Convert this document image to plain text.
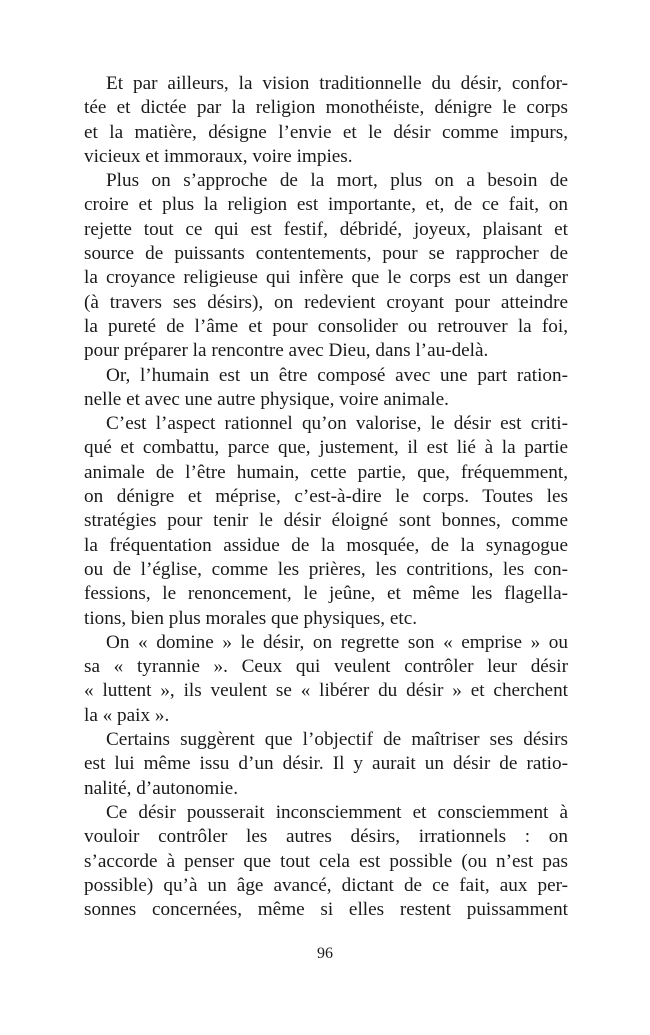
Et par ailleurs, la vision traditionnelle du désir, confor-
tée et dictée par la religion monothéiste, dénigre le corps
et la matière, désigne l’envie et le désir comme impurs,
vicieux et immoraux, voire impies.
Plus on s’approche de la mort, plus on a besoin de
croire et plus la religion est importante, et, de ce fait, on
rejette tout ce qui est festif, débridé, joyeux, plaisant et
source de puissants contentements, pour se rapprocher de
la croyance religieuse qui infère que le corps est un danger
(à travers ses désirs), on redevient croyant pour atteindre
la pureté de l’âme et pour consolider ou retrouver la foi,
pour préparer la rencontre avec Dieu, dans l’au-delà.
Or, l’humain est un être composé avec une part ration-
nelle et avec une autre physique, voire animale.
C’est l’aspect rationnel qu’on valorise, le désir est criti-
qué et combattu, parce que, justement, il est lié à la partie
animale de l’être humain, cette partie, que, fréquemment,
on dénigre et méprise, c’est-à-dire le corps. Toutes les
stratégies pour tenir le désir éloigné sont bonnes, comme
la fréquentation assidue de la mosquée, de la synagogue
ou de l’église, comme les prières, les contritions, les con-
fessions, le renoncement, le jeûne, et même les flagella-
tions, bien plus morales que physiques, etc.
On « domine » le désir, on regrette son « emprise » ou
sa « tyrannie ». Ceux qui veulent contrôler leur désir
« luttent », ils veulent se « libérer du désir » et cherchent
la « paix ».
Certains suggèrent que l’objectif de maîtriser ses désirs
est lui même issu d’un désir. Il y aurait un désir de ratio-
nalité, d’autonomie.
Ce désir pousserait inconsciemment et consciemment à
vouloir contrôler les autres désirs, irrationnels : on
s’accorde à penser que tout cela est possible (ou n’est pas
possible) qu’à un âge avancé, dictant de ce fait, aux per-
sonnes concernées, même si elles restent puissamment
96
